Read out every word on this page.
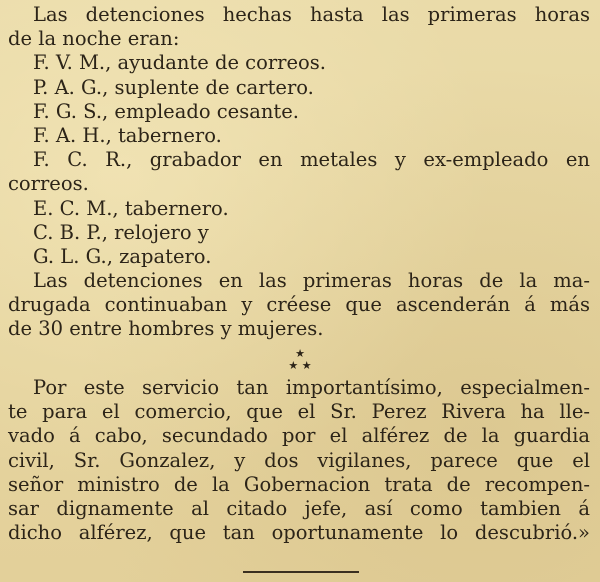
Las detenciones hechas hasta las primeras horas
de la noche eran:
F. V. M., ayudante de correos.
P. A. G., suplente de cartero.
F. G. S., empleado cesante.
F. A. H., tabernero.
F. C. R., grabador en metales y ex-empleado en
correos.
E. C. M., tabernero.
C. B. P., relojero y
G. L. G., zapatero.
Las detenciones en las primeras horas de la ma-
drugada continuaban y créese que ascenderán á más
de 30 entre hombres y mujeres.
★
★ ★
Por este servicio tan importantísimo, especialmen-
te para el comercio, que el Sr. Perez Rivera ha lle-
vado á cabo, secundado por el alférez de la guardia
civil, Sr. Gonzalez, y dos vigilanes, parece que el
señor ministro de la Gobernacion trata de recompen-
sar dignamente al citado jefe, así como tambien á
dicho alférez, que tan oportunamente lo descubrió.»
